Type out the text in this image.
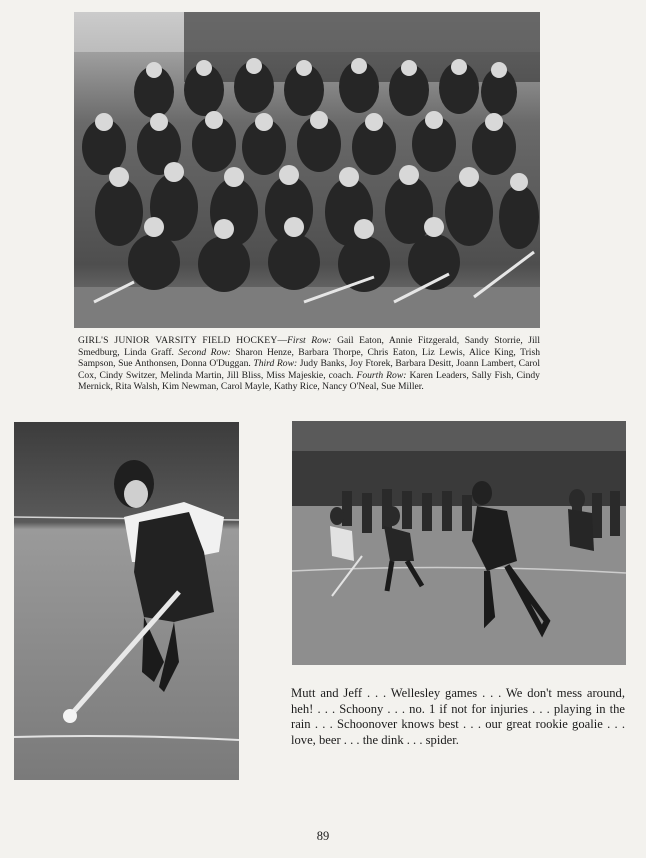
GIRL'S JUNIOR VARSITY FIELD HOCKEY—First Row: Gail Eaton, Annie Fitzgerald, Sandy Storrie, Jill Smedburg, Linda Graff. Second Row: Sharon Henze, Barbara Thorpe, Chris Eaton, Liz Lewis, Alice King, Trish Sampson, Sue Anthonsen, Donna O'Duggan. Third Row: Judy Banks, Joy Ftorek, Barbara Desitt, Joann Lambert, Carol Cox, Cindy Switzer, Melinda Martin, Jill Bliss, Miss Majeskie, coach. Fourth Row: Karen Leaders, Sally Fish, Cindy Mernick, Rita Walsh, Kim Newman, Carol Mayle, Kathy Rice, Nancy O'Neal, Sue Miller.

Mutt and Jeff . . . Wellesley games . . . We don't mess around, heh! . . . Schoony . . . no. 1 if not for injuries . . . playing in the rain . . . Schoonover knows best . . . our great rookie goalie . . . love, beer . . . the dink . . . spider.

89
